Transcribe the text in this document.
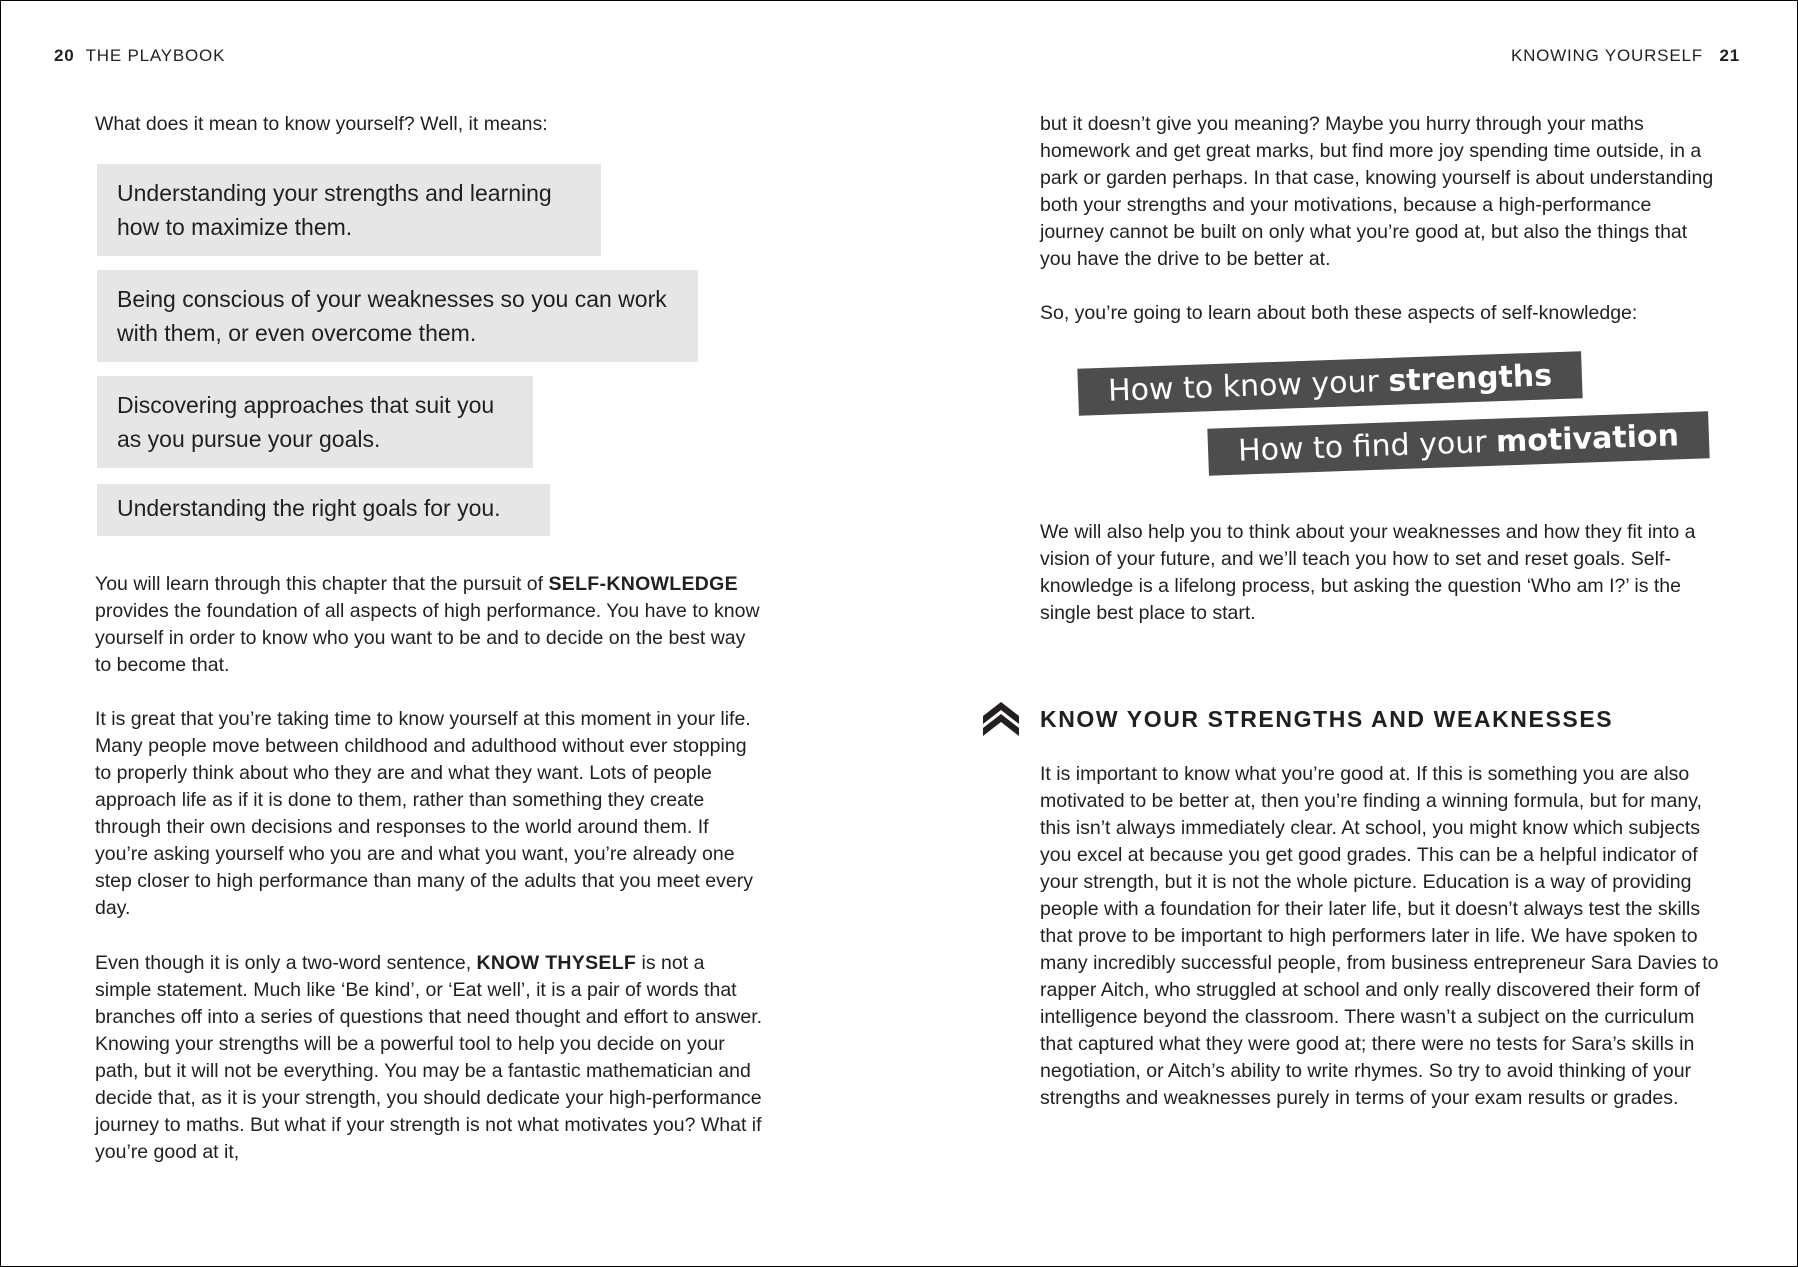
20 THE PLAYBOOK

What does it mean to know yourself? Well, it means:

Understanding your strengths and learning how to maximize them.
Being conscious of your weaknesses so you can work with them, or even overcome them.
Discovering approaches that suit you as you pursue your goals.
Understanding the right goals for you.

You will learn through this chapter that the pursuit of SELF-KNOWLEDGE provides the foundation of all aspects of high performance. You have to know yourself in order to know who you want to be and to decide on the best way to become that.

It is great that you’re taking time to know yourself at this moment in your life. Many people move between childhood and adulthood without ever stopping to properly think about who they are and what they want. Lots of people approach life as if it is done to them, rather than something they create through their own decisions and responses to the world around them. If you’re asking yourself who you are and what you want, you’re already one step closer to high performance than many of the adults that you meet every day.

Even though it is only a two-word sentence, KNOW THYSELF is not a simple statement. Much like ‘Be kind’, or ‘Eat well’, it is a pair of words that branches off into a series of questions that need thought and effort to answer. Knowing your strengths will be a powerful tool to help you decide on your path, but it will not be everything. You may be a fantastic mathematician and decide that, as it is your strength, you should dedicate your high-performance journey to maths. But what if your strength is not what motivates you? What if you’re good at it,

KNOWING YOURSELF 21

but it doesn’t give you meaning? Maybe you hurry through your maths homework and get great marks, but find more joy spending time outside, in a park or garden perhaps. In that case, knowing yourself is about understanding both your strengths and your motivations, because a high-performance journey cannot be built on only what you’re good at, but also the things that you have the drive to be better at.

So, you’re going to learn about both these aspects of self-knowledge:

How to know your strengths
How to find your motivation

We will also help you to think about your weaknesses and how they fit into a vision of your future, and we’ll teach you how to set and reset goals. Self-knowledge is a lifelong process, but asking the question ‘Who am I?’ is the single best place to start.

KNOW YOUR STRENGTHS AND WEAKNESSES

It is important to know what you’re good at. If this is something you are also motivated to be better at, then you’re finding a winning formula, but for many, this isn’t always immediately clear. At school, you might know which subjects you excel at because you get good grades. This can be a helpful indicator of your strength, but it is not the whole picture. Education is a way of providing people with a foundation for their later life, but it doesn’t always test the skills that prove to be important to high performers later in life. We have spoken to many incredibly successful people, from business entrepreneur Sara Davies to rapper Aitch, who struggled at school and only really discovered their form of intelligence beyond the classroom. There wasn’t a subject on the curriculum that captured what they were good at; there were no tests for Sara’s skills in negotiation, or Aitch’s ability to write rhymes. So try to avoid thinking of your strengths and weaknesses purely in terms of your exam results or grades.
